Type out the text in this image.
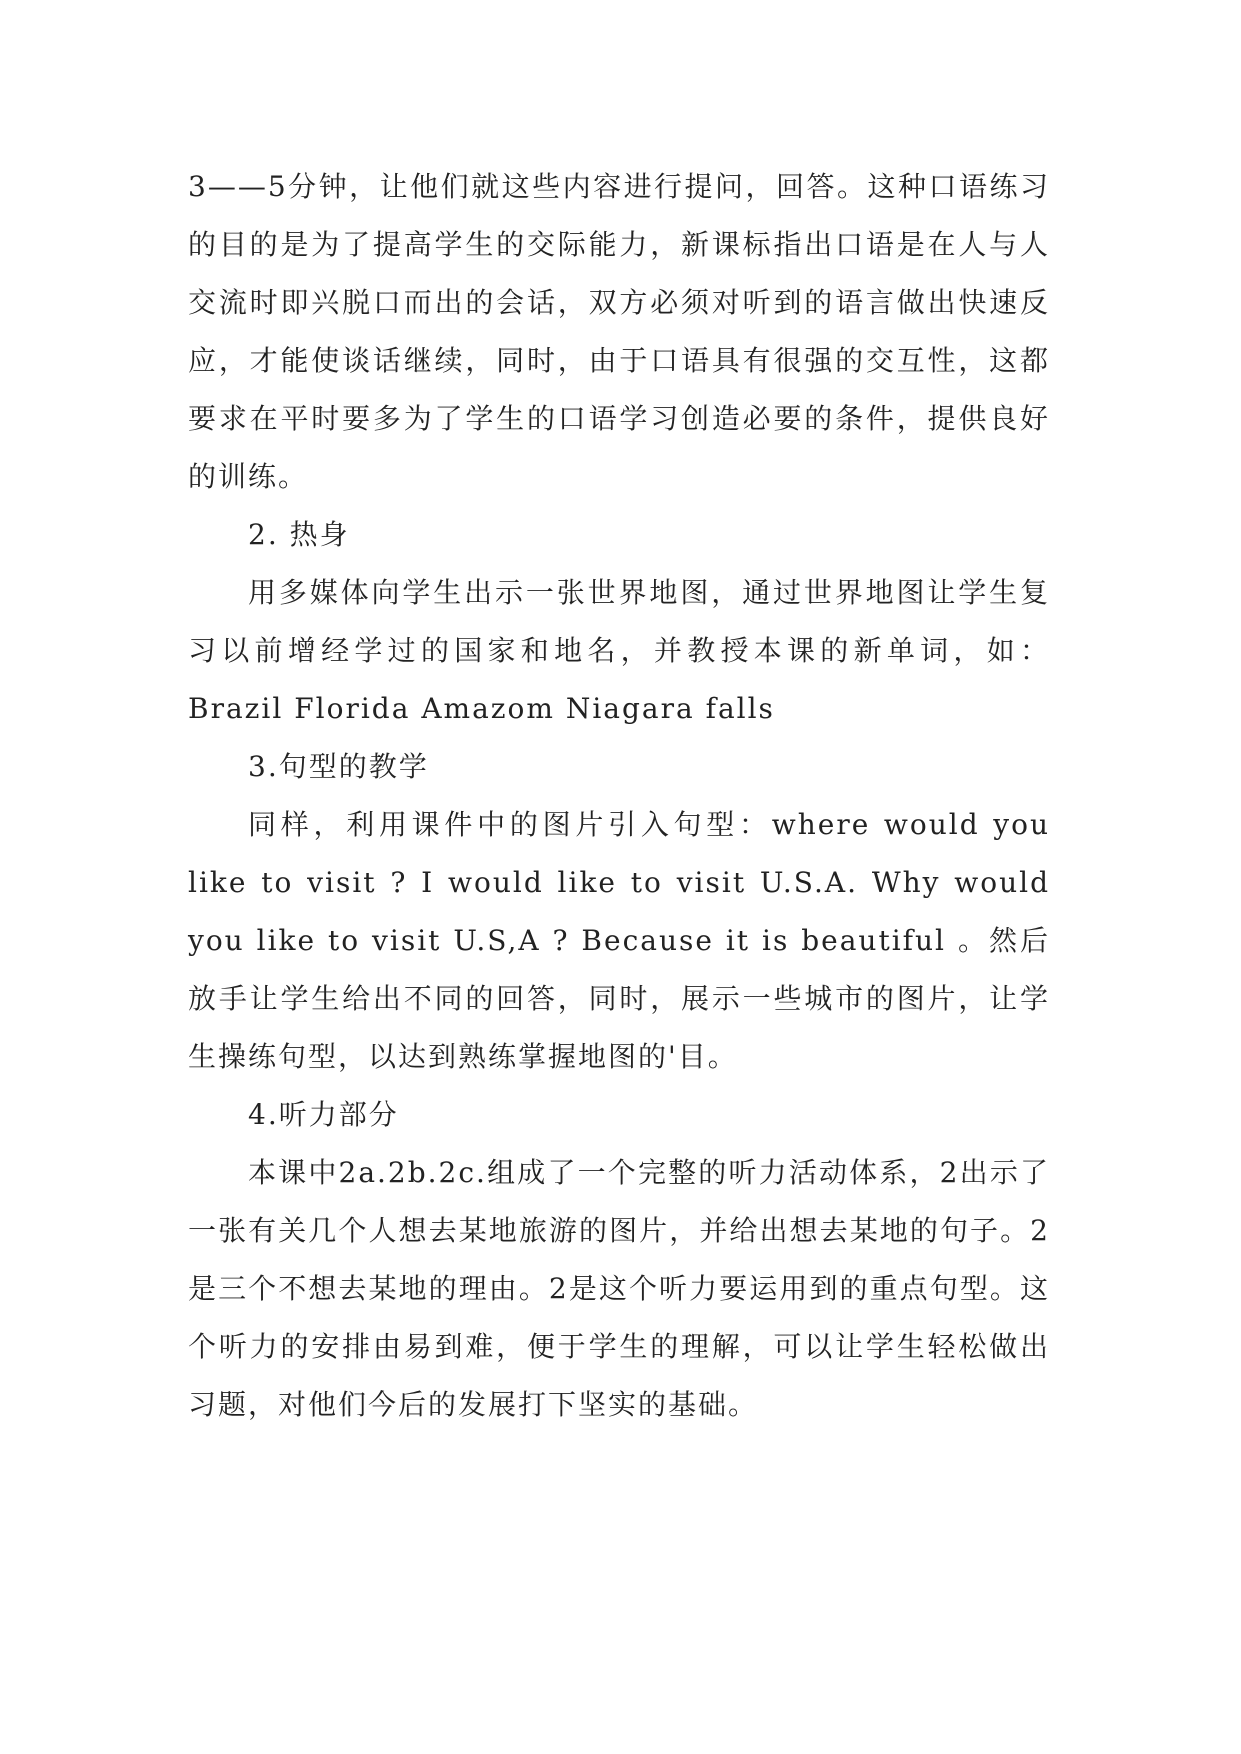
3——5分钟，让他们就这些内容进行提问，回答。这种口语练习的目的是为了提高学生的交际能力，新课标指出口语是在人与人交流时即兴脱口而出的会话，双方必须对听到的语言做出快速反应，才能使谈话继续，同时，由于口语具有很强的交互性，这都要求在平时要多为了学生的口语学习创造必要的条件，提供良好的训练。

2. 热身

用多媒体向学生出示一张世界地图，通过世界地图让学生复习以前增经学过的国家和地名，并教授本课的新单词，如：Brazil Florida Amazom Niagara falls

3.句型的教学

同样，利用课件中的图片引入句型：where would you like to visit ? I would like to visit U.S.A. Why would you like to visit U.S,A ? Because it is beautiful 。然后放手让学生给出不同的回答，同时，展示一些城市的图片，让学生操练句型，以达到熟练掌握地图的'目。

4.听力部分

本课中2a.2b.2c.组成了一个完整的听力活动体系，2出示了一张有关几个人想去某地旅游的图片，并给出想去某地的句子。2是三个不想去某地的理由。2是这个听力要运用到的重点句型。这个听力的安排由易到难，便于学生的理解，可以让学生轻松做出习题，对他们今后的发展打下坚实的基础。
